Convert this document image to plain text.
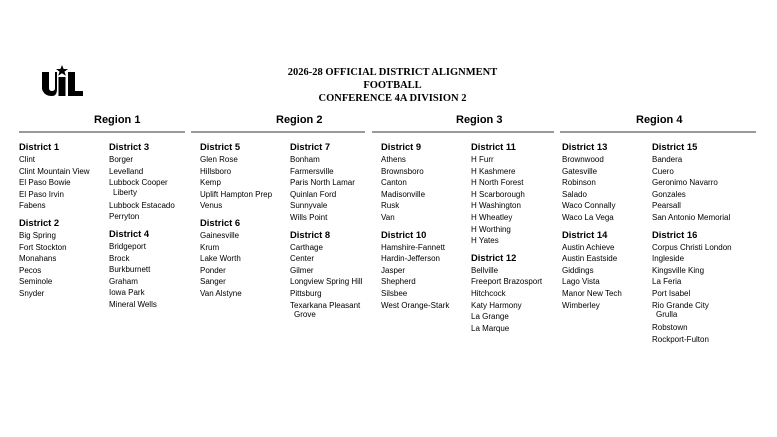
2026-28 OFFICIAL DISTRICT ALIGNMENT
FOOTBALL
CONFERENCE 4A DIVISION 2
Region 1	Region 2	Region 3	Region 4
District 1
Clint
Clint Mountain View
El Paso Bowie
El Paso Irvin
Fabens
District 2
Big Spring
Fort Stockton
Monahans
Pecos
Seminole
Snyder
District 3
Borger
Levelland
Lubbock Cooper
Liberty
Lubbock Estacado
Perryton
District 4
Bridgeport
Brock
Burkburnett
Graham
Iowa Park
Mineral Wells
District 5
Glen Rose
Hillsboro
Kemp
Uplift Hampton Prep
Venus
District 6
Gainesville
Krum
Lake Worth
Ponder
Sanger
Van Alstyne
District 7
Bonham
Farmersville
Paris North Lamar
Quinlan Ford
Sunnyvale
Wills Point
District 8
Carthage
Center
Gilmer
Longview Spring Hill
Pittsburg
Texarkana Pleasant
Grove
District 9
Athens
Brownsboro
Canton
Madisonville
Rusk
Van
District 10
Hamshire-Fannett
Hardin-Jefferson
Jasper
Shepherd
Silsbee
West Orange-Stark
District 11
H Furr
H Kashmere
H North Forest
H Scarborough
H Washington
H Wheatley
H Worthing
H Yates
District 12
Bellville
Freeport Brazosport
Hitchcock
Katy Harmony
La Grange
La Marque
District 13
Brownwood
Gatesville
Robinson
Salado
Waco Connally
Waco La Vega
District 14
Austin Achieve
Austin Eastside
Giddings
Lago Vista
Manor New Tech
Wimberley
District 15
Bandera
Cuero
Geronimo Navarro
Gonzales
Pearsall
San Antonio Memorial
District 16
Corpus Christi London
Ingleside
Kingsville King
La Feria
Port Isabel
Rio Grande City
Grulla
Robstown
Rockport-Fulton
